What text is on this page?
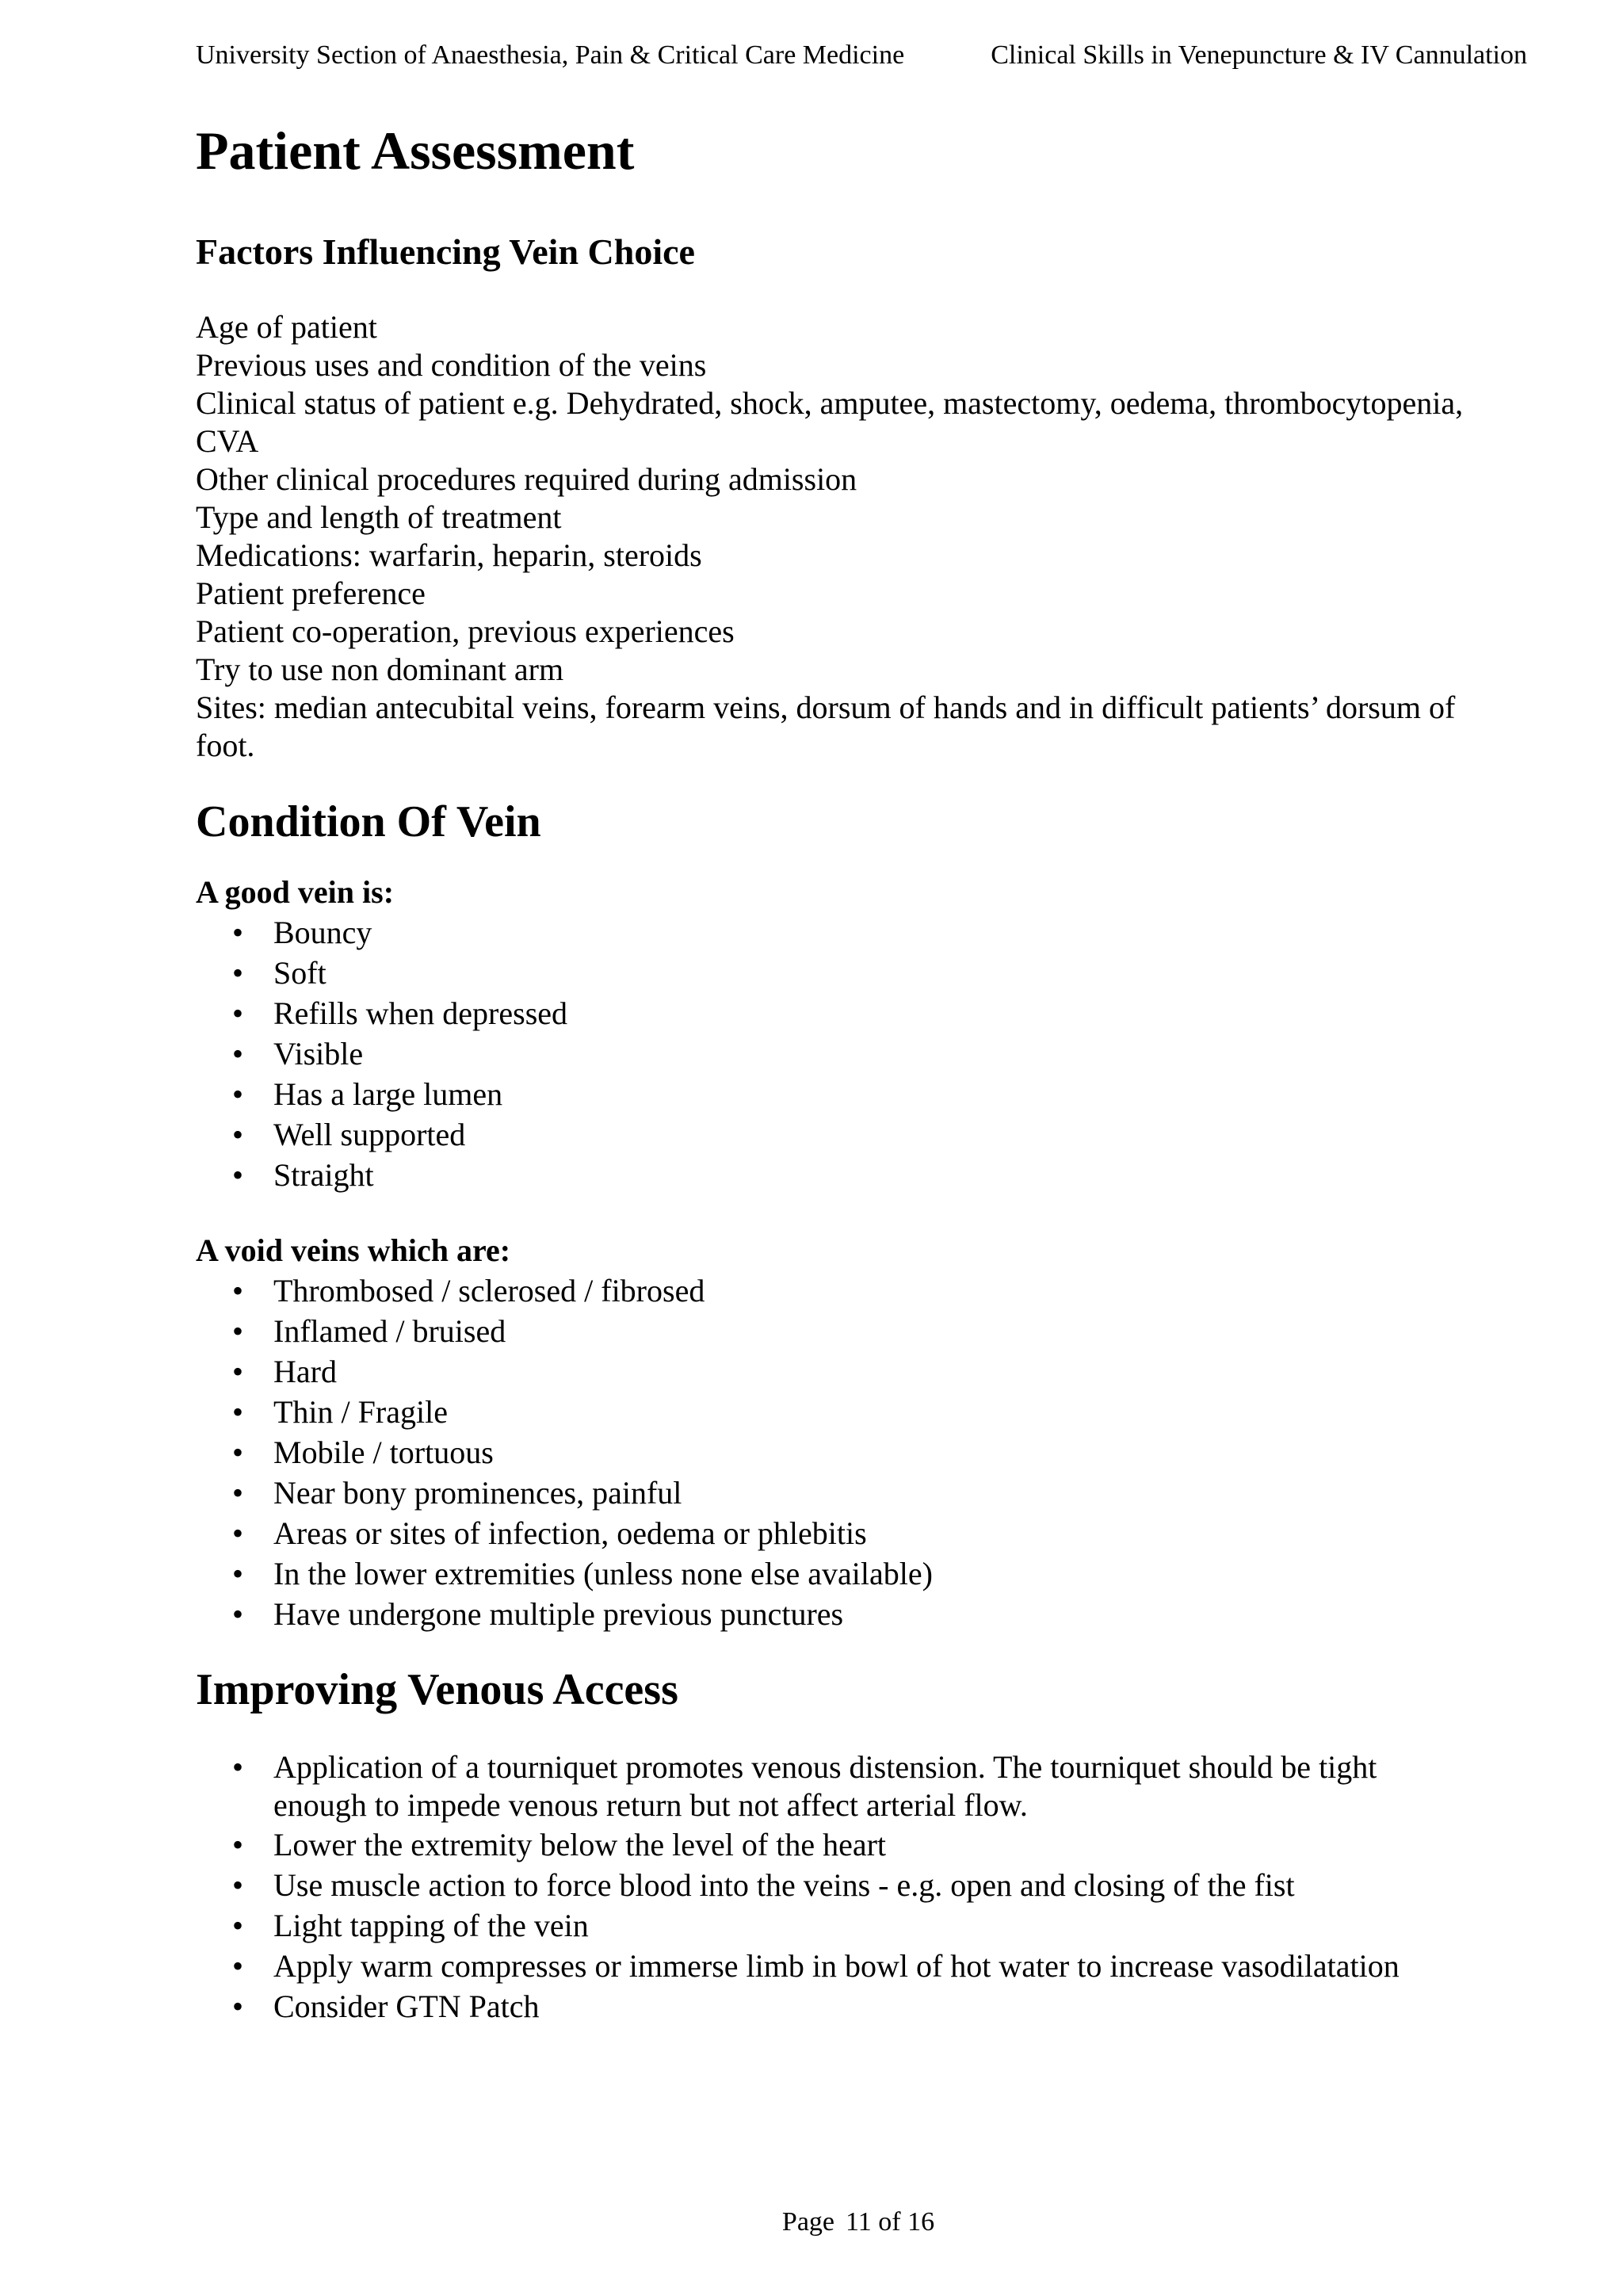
University Section of Anaesthesia, Pain & Critical Care Medicine	Clinical Skills in Venepuncture & IV Cannulation
Patient Assessment
Factors Influencing Vein Choice
Age of patient
Previous uses and condition of the veins
Clinical status of patient e.g. Dehydrated, shock, amputee, mastectomy, oedema, thrombocytopenia,
CVA
Other clinical procedures required during admission
Type and length of treatment
Medications: warfarin, heparin, steroids
Patient preference
Patient co-operation, previous experiences
Try to use non dominant arm
Sites: median antecubital veins, forearm veins, dorsum of hands and in difficult patients’ dorsum of
foot.
Condition Of Vein
A good vein is:
• Bouncy
• Soft
• Refills when depressed
• Visible
• Has a large lumen
• Well supported
• Straight
A void veins which are:
• Thrombosed / sclerosed / fibrosed
• Inflamed / bruised
• Hard
• Thin / Fragile
• Mobile / tortuous
• Near bony prominences, painful
• Areas or sites of infection, oedema or phlebitis
• In the lower extremities (unless none else available)
• Have undergone multiple previous punctures
Improving Venous Access
• Application of a tourniquet promotes venous distension. The tourniquet should be tight
enough to impede venous return but not affect arterial flow.
• Lower the extremity below the level of the heart
• Use muscle action to force blood into the veins - e.g. open and closing of the fist
• Light tapping of the vein
• Apply warm compresses or immerse limb in bowl of hot water to increase vasodilatation
• Consider GTN Patch
Page 11 of 16
